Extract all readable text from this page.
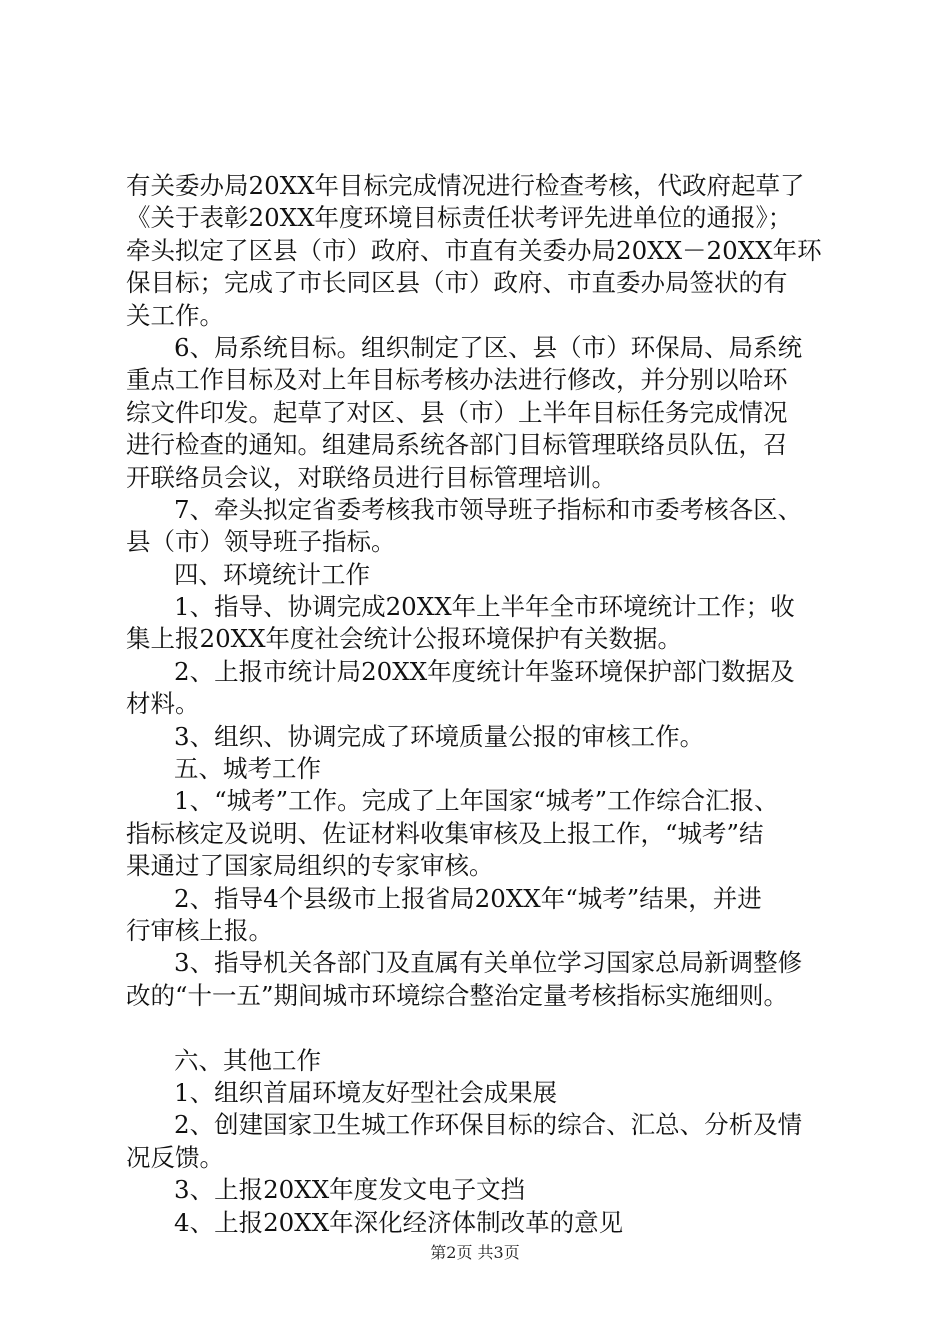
有关委办局20XX年目标完成情况进行检查考核，代政府起草了
《关于表彰20XX年度环境目标责任状考评先进单位的通报》；
牵头拟定了区县（市）政府、市直有关委办局20XX－20XX年环
保目标；完成了市长同区县（市）政府、市直委办局签状的有
关工作。
6、局系统目标。组织制定了区、县（市）环保局、局系统
重点工作目标及对上年目标考核办法进行修改，并分别以哈环
综文件印发。起草了对区、县（市）上半年目标任务完成情况
进行检查的通知。组建局系统各部门目标管理联络员队伍，召
开联络员会议，对联络员进行目标管理培训。
7、牵头拟定省委考核我市领导班子指标和市委考核各区、
县（市）领导班子指标。
四、环境统计工作
1、指导、协调完成20XX年上半年全市环境统计工作；收
集上报20XX年度社会统计公报环境保护有关数据。
2、上报市统计局20XX年度统计年鉴环境保护部门数据及
材料。
3、组织、协调完成了环境质量公报的审核工作。
五、城考工作
1、“城考”工作。完成了上年国家“城考”工作综合汇报、
指标核定及说明、佐证材料收集审核及上报工作，“城考”结
果通过了国家局组织的专家审核。
2、指导4个县级市上报省局20XX年“城考”结果，并进
行审核上报。
3、指导机关各部门及直属有关单位学习国家总局新调整修
改的“十一五”期间城市环境综合整治定量考核指标实施细则。
六、其他工作
1、组织首届环境友好型社会成果展
2、创建国家卫生城工作环保目标的综合、汇总、分析及情
况反馈。
3、上报20XX年度发文电子文挡
4、上报20XX年深化经济体制改革的意见
第2页 共3页
